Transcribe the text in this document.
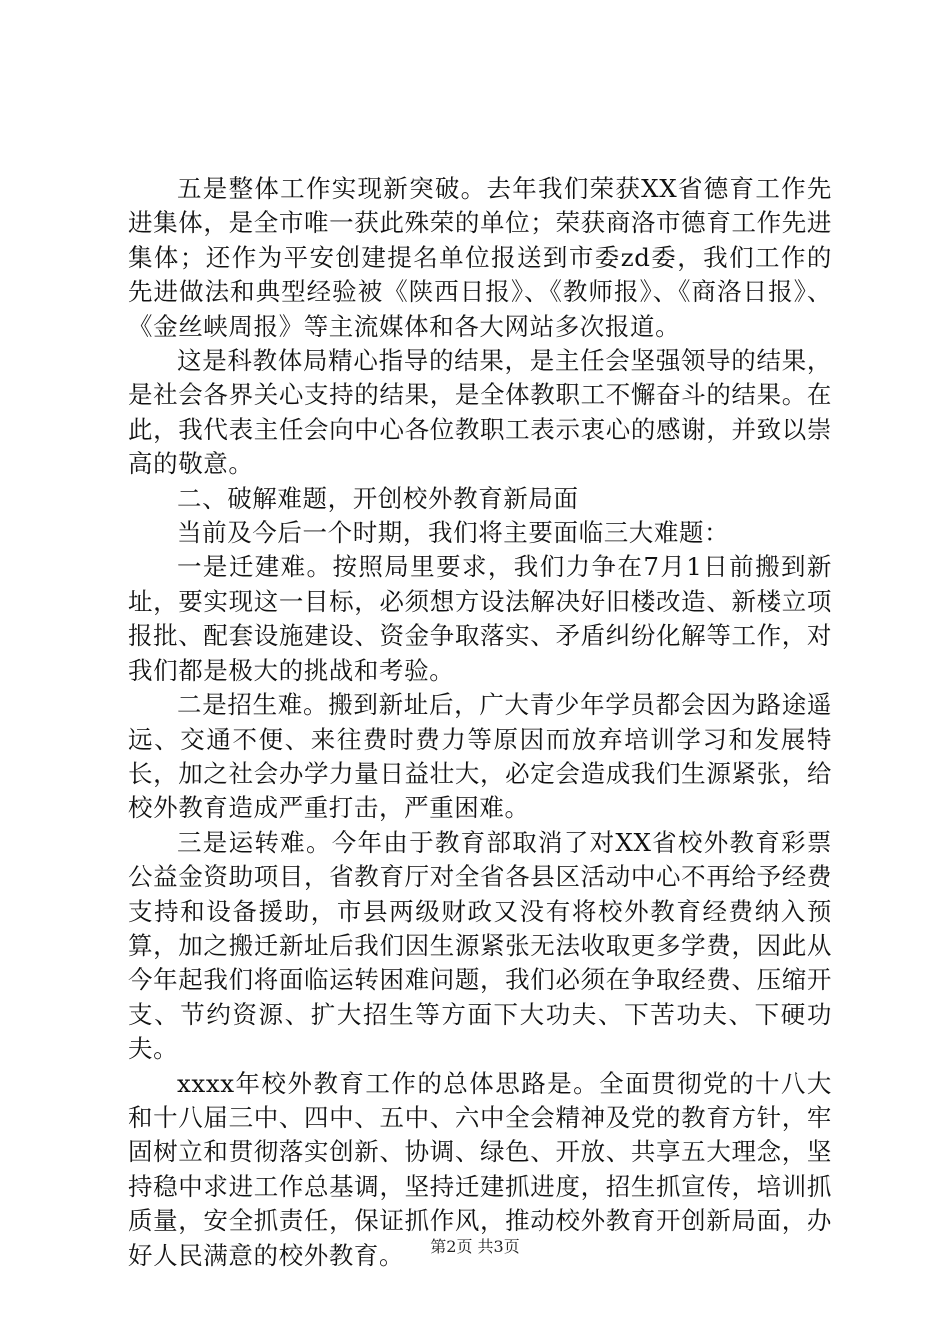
五是整体工作实现新突破。去年我们荣获XX省德育工作先进集体，是全市唯一获此殊荣的单位；荣获商洛市德育工作先进集体；还作为平安创建提名单位报送到市委zd委，我们工作的先进做法和典型经验被《陕西日报》、《教师报》、《商洛日报》、《金丝峡周报》等主流媒体和各大网站多次报道。

这是科教体局精心指导的结果，是主任会坚强领导的结果，是社会各界关心支持的结果，是全体教职工不懈奋斗的结果。在此，我代表主任会向中心各位教职工表示衷心的感谢，并致以崇高的敬意。

二、破解难题，开创校外教育新局面

当前及今后一个时期，我们将主要面临三大难题：

一是迁建难。按照局里要求，我们力争在7月1日前搬到新址，要实现这一目标，必须想方设法解决好旧楼改造、新楼立项报批、配套设施建设、资金争取落实、矛盾纠纷化解等工作，对我们都是极大的挑战和考验。

二是招生难。搬到新址后，广大青少年学员都会因为路途遥远、交通不便、来往费时费力等原因而放弃培训学习和发展特长，加之社会办学力量日益壮大，必定会造成我们生源紧张，给校外教育造成严重打击，严重困难。

三是运转难。今年由于教育部取消了对XX省校外教育彩票公益金资助项目，省教育厅对全省各县区活动中心不再给予经费支持和设备援助，市县两级财政又没有将校外教育经费纳入预算，加之搬迁新址后我们因生源紧张无法收取更多学费，因此从今年起我们将面临运转困难问题，我们必须在争取经费、压缩开支、节约资源、扩大招生等方面下大功夫、下苦功夫、下硬功夫。

xxxx年校外教育工作的总体思路是。全面贯彻党的十八大和十八届三中、四中、五中、六中全会精神及党的教育方针，牢固树立和贯彻落实创新、协调、绿色、开放、共享五大理念，坚持稳中求进工作总基调，坚持迁建抓进度，招生抓宣传，培训抓质量，安全抓责任，保证抓作风，推动校外教育开创新局面，办好人民满意的校外教育。	第2页 共3页
